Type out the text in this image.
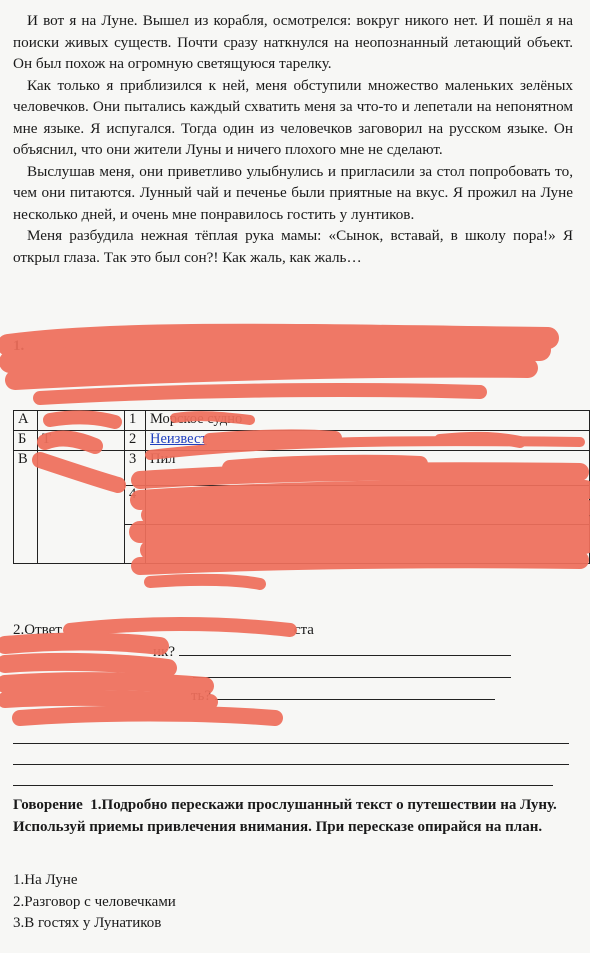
И вот я на Луне. Вышел из корабля, осмотрелся: вокруг никого нет. И пошёл я на поиски живых существ. Почти сразу наткнулся на неопознанный летающий объект. Он был похож на огромную светящуюся тарелку.

Как только я приблизился к ней, меня обступили множество маленьких зелёных человечков. Они пытались каждый схватить меня за что-то и лепетали на непонятном мне языке. Я испугался. Тогда один из человечков заговорил на русском языке. Он объяснил, что они жители Луны и ничего плохого мне не сделают.

Выслушав меня, они приветливо улыбнулись и пригласили за стол попробовать то, чем они питаются. Лунный чай и печенье были приятные на вкус. Я прожил на Луне несколько дней, и очень мне понравилось гостить у лунтиков.

Меня разбудила нежная тёплая рука мамы: «Сынок, вставай, в школу пора!» Я открыл глаза. Так это был сон?! Как жаль, как жаль…

1.
А		1	Морское судно
Б	Т	2	Неизвест
В		3	Пил
		4	

2.Ответ	ста
ик?

ть?
Говорение 1.Подробно перескажи прослушанный текст о путешествии на Луну. Используй приемы привлечения внимания. При пересказе опирайся на план.
1.На Луне
2.Разговор с человечками
3.В гостях у Лунатиков
